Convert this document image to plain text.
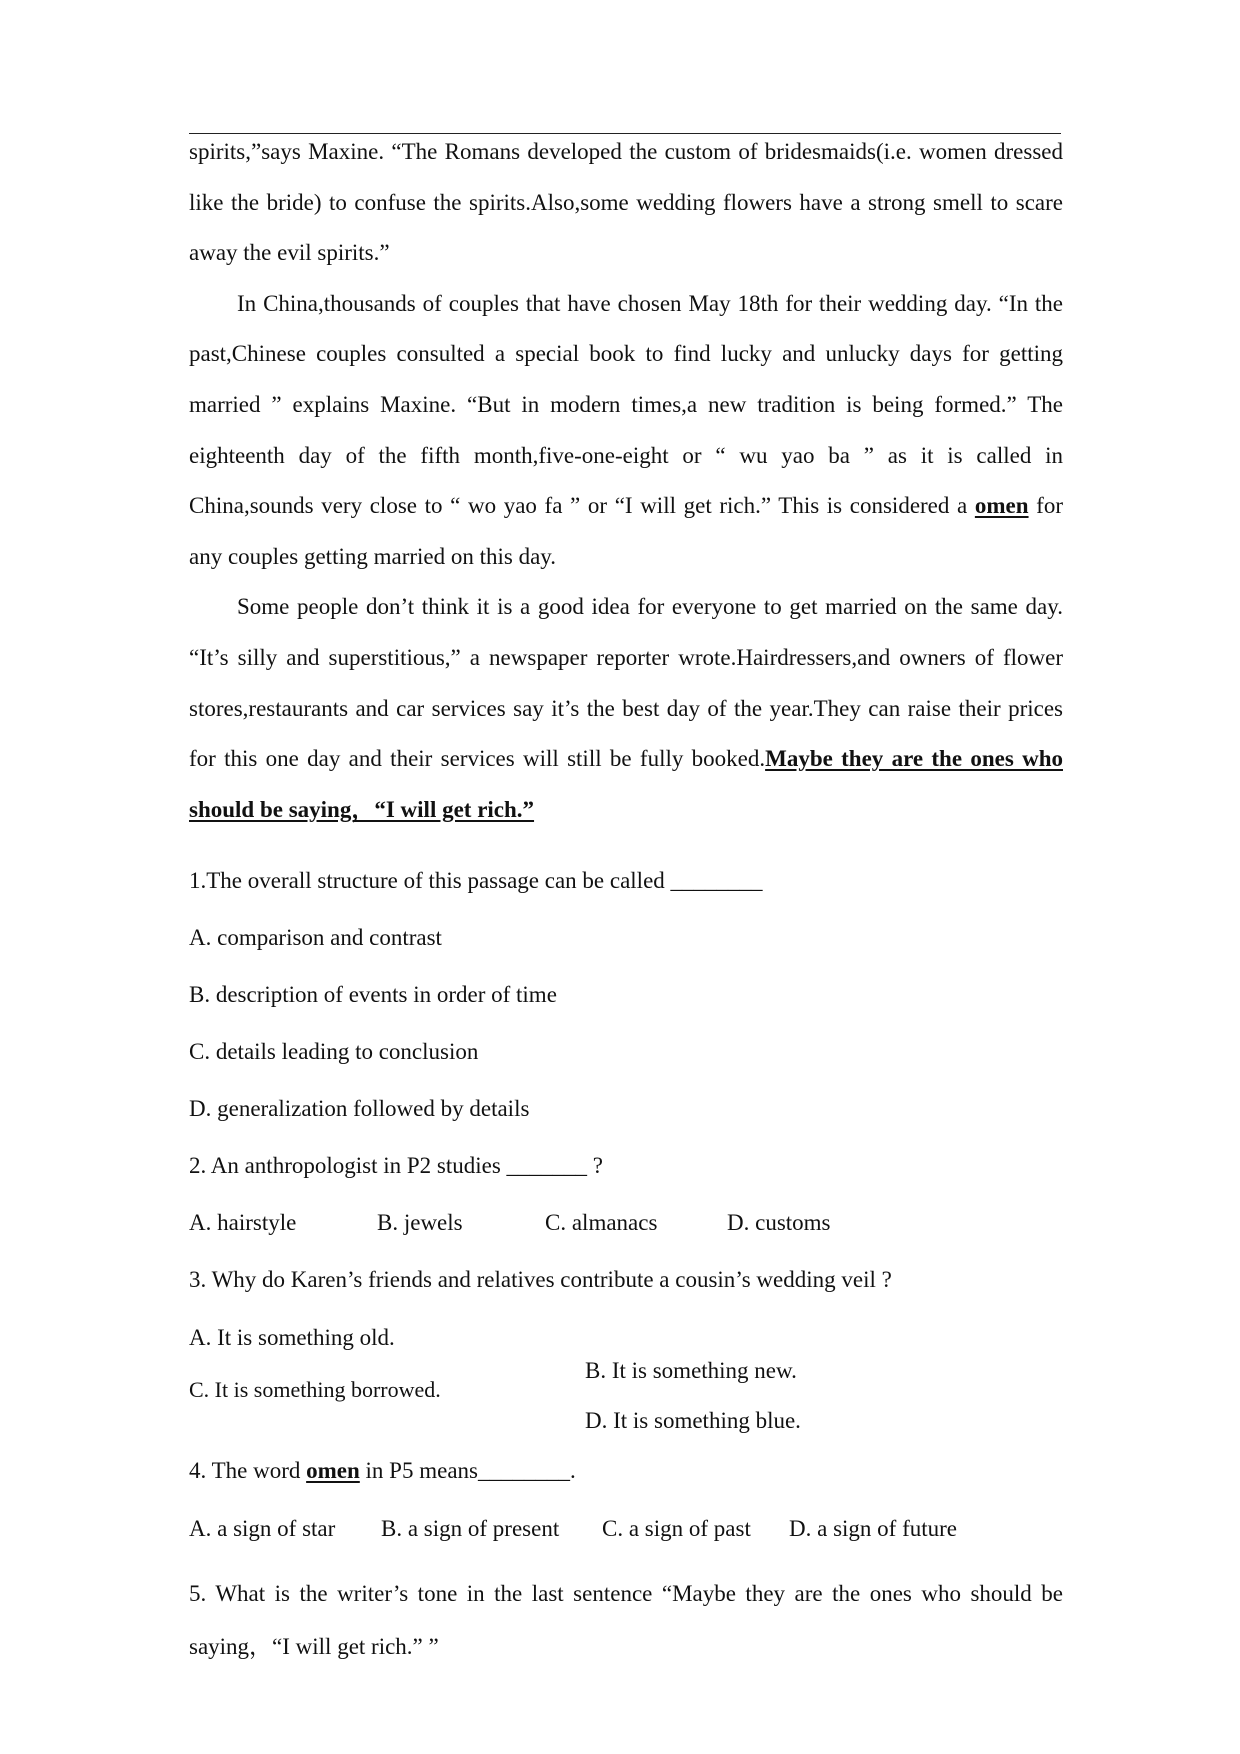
spirits,”says Maxine. “The Romans developed the custom of bridesmaids(i.e. women dressed like the bride) to confuse the spirits.Also,some wedding flowers have a strong smell to scare away the evil spirits.”

In China,thousands of couples that have chosen May 18th for their wedding day. “In the past,Chinese couples consulted a special book to find lucky and unlucky days for getting married ” explains Maxine. “But in modern times,a new tradition is being formed.” The eighteenth day of the fifth month,five-one-eight or “ wu yao ba ” as it is called in China,sounds very close to “ wo yao fa ” or “I will get rich.” This is considered a omen for any couples getting married on this day.

Some people don’t think it is a good idea for everyone to get married on the same day. “It’s silly and superstitious,” a newspaper reporter wrote.Hairdressers,and owners of flower stores,restaurants and car services say it’s the best day of the year.They can raise their prices for this one day and their services will still be fully booked.Maybe they are the ones who should be saying，“I will get rich.”

1.The overall structure of this passage can be called ________
A. comparison and contrast
B. description of events in order of time
C. details leading to conclusion
D. generalization followed by details
2. An anthropologist in P2 studies _______ ?
A. hairstyle	B. jewels	C. almanacs	D. customs
3. Why do Karen’s friends and relatives contribute a cousin’s wedding veil ?
A. It is something old.
B. It is something new.
C. It is something borrowed.
D. It is something blue.
4. The word omen in P5 means________.
A. a sign of star B. a sign of present C. a sign of past D. a sign of future
5. What is the writer’s tone in the last sentence “Maybe they are the ones who should be saying，“I will get rich.” ”
